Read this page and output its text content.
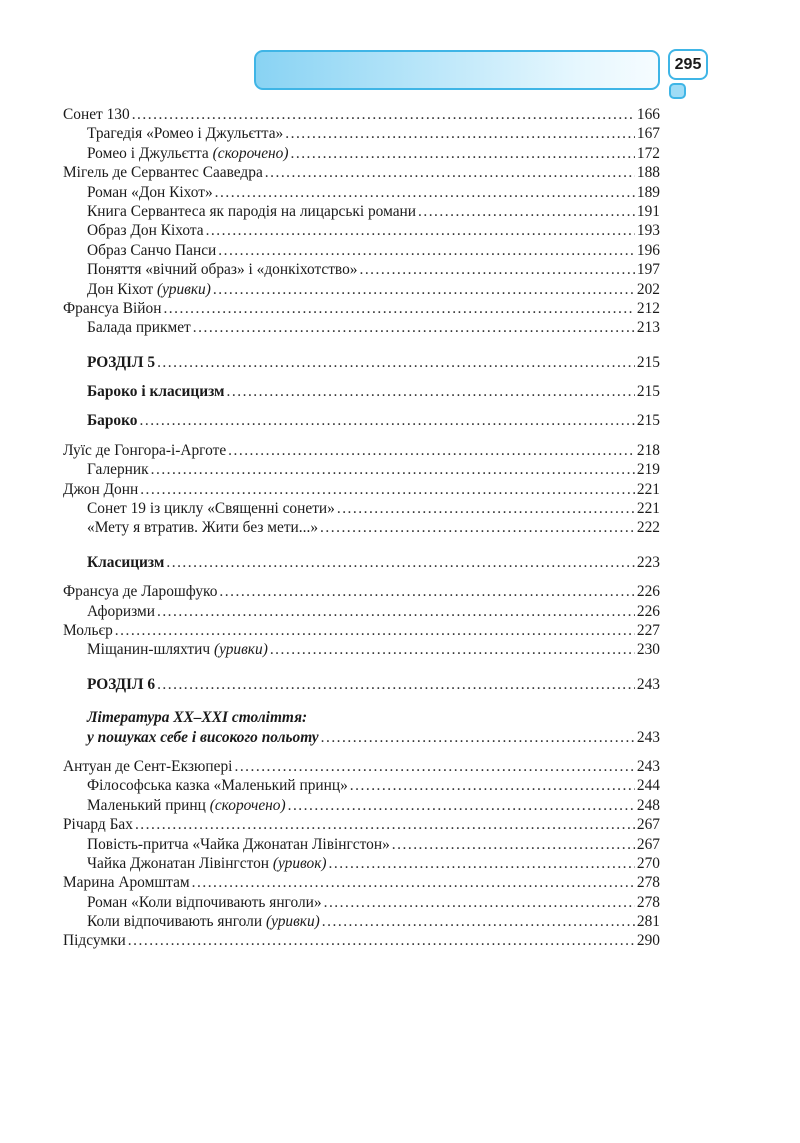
295
Сонет 130 .....	166
Трагедія «Ромео і Джульєтта» .....	167
Ромео і Джульєтта (скорочено) .....	172
Мігель де Сервантес Сааведра .....	188
Роман «Дон Кіхот» .....	189
Книга Сервантеса як пародія на лицарські романи .....	191
Образ Дон Кіхота .....	193
Образ Санчо Панси .....	196
Поняття «вічний образ» і «донкіхотство» .....	197
Дон Кіхот (уривки) .....	202
Франсуа Війон .....	212
Балада прикмет .....	213
РОЗДІЛ 5 .....	215
Бароко і класицизм .....	215
Бароко .....	215
Луїс де Гонгора-і-Арготе .....	218
Галерник .....	219
Джон Донн .....	221
Сонет 19 із циклу «Священні сонети» .....	221
«Мету я втратив. Жити без мети...» .....	222
Класицизм .....	223
Франсуа де Ларошфуко .....	226
Афоризми .....	226
Мольєр .....	227
Міщанин-шляхтич (уривки) .....	230
РОЗДІЛ 6 .....	243
Література ХХ–ХХІ століття:
у пошуках себе і високого польоту .....	243
Антуан де Сент-Екзюпері .....	243
Філософська казка «Маленький принц» .....	244
Маленький принц (скорочено) .....	248
Річард Бах .....	267
Повість-притча «Чайка Джонатан Лівінгстон» .....	267
Чайка Джонатан Лівінгстон (уривок) .....	270
Марина Аромштам .....	278
Роман «Коли відпочивають янголи» .....	278
Коли відпочивають янголи (уривки) .....	281
Підсумки .....	290
